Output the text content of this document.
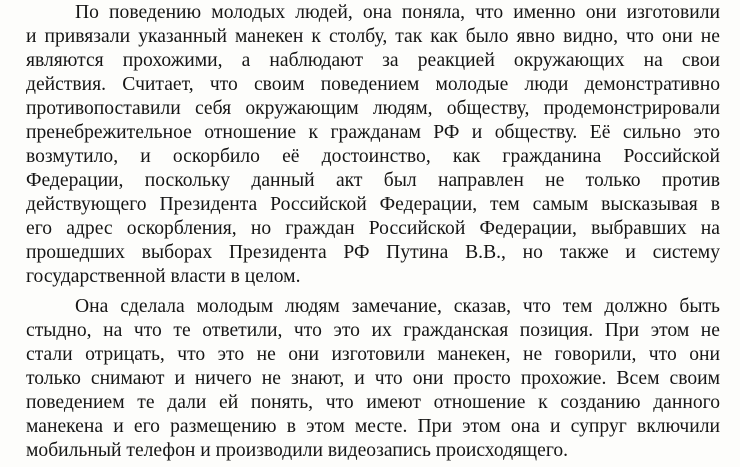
По поведению молодых людей, она поняла, что именно они изготовили
и привязали указанный манекен к столбу, так как было явно видно, что они не
являются прохожими, а наблюдают за реакцией окружающих на свои
действия. Считает, что своим поведением молодые люди демонстративно
противопоставили себя окружающим людям, обществу, продемонстрировали
пренебрежительное отношение к гражданам РФ и обществу. Её сильно это
возмутило, и оскорбило её достоинство, как гражданина Российской
Федерации, поскольку данный акт был направлен не только против
действующего Президента Российской Федерации, тем самым высказывая в
его адрес оскорбления, но граждан Российской Федерации, выбравших на
прошедших выборах Президента РФ Путина В.В., но также и систему
государственной власти в целом.
Она сделала молодым людям замечание, сказав, что тем должно быть
стыдно, на что те ответили, что это их гражданская позиция. При этом не
стали отрицать, что это не они изготовили манекен, не говорили, что они
только снимают и ничего не знают, и что они просто прохожие. Всем своим
поведением те дали ей понять, что имеют отношение к созданию данного
манекена и его размещению в этом месте. При этом она и супруг включили
мобильный телефон и производили видеозапись происходящего.
